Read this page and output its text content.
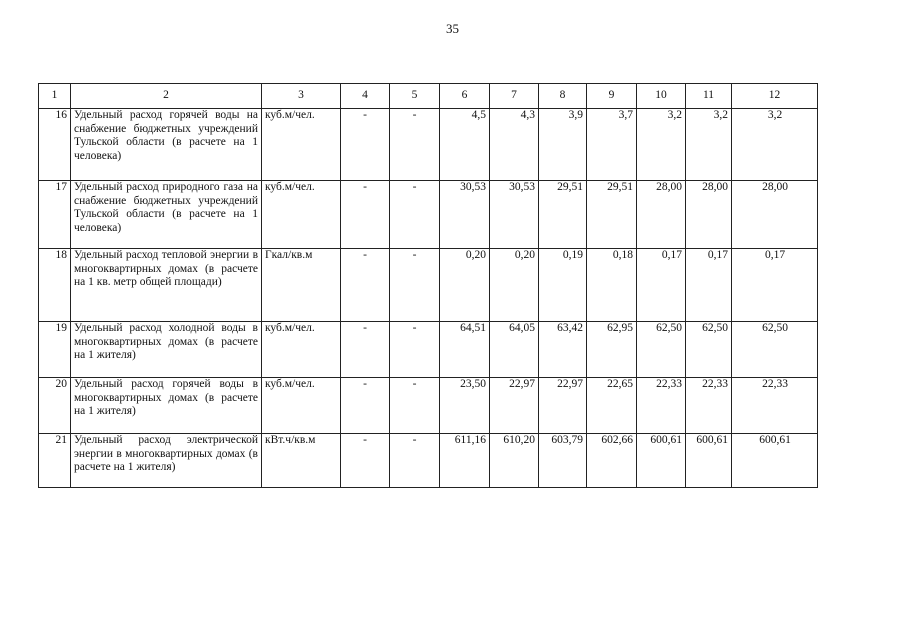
35
1	2	3	4	5	6	7	8	9	10	11	12
16	Удельный расход горячей воды на снабжение бюджетных учреждений Тульской области (в расчете на 1 человека)	куб.м/чел.	-	-	4,5	4,3	3,9	3,7	3,2	3,2	3,2
17	Удельный расход природного газа на снабжение бюджетных учреждений Тульской области (в расчете на 1 человека)	куб.м/чел.	-	-	30,53	30,53	29,51	29,51	28,00	28,00	28,00
18	Удельный расход тепловой энергии в многоквартирных домах (в расчете на 1 кв. метр общей площади)	Гкал/кв.м	-	-	0,20	0,20	0,19	0,18	0,17	0,17	0,17
19	Удельный расход холодной воды в многоквартирных домах (в расчете на 1 жителя)	куб.м/чел.	-	-	64,51	64,05	63,42	62,95	62,50	62,50	62,50
20	Удельный расход горячей воды в многоквартирных домах (в расчете на 1 жителя)	куб.м/чел.	-	-	23,50	22,97	22,97	22,65	22,33	22,33	22,33
21	Удельный расход электрической энергии в многоквартирных домах (в расчете на 1 жителя)	кВт.ч/кв.м	-	-	611,16	610,20	603,79	602,66	600,61	600,61	600,61
